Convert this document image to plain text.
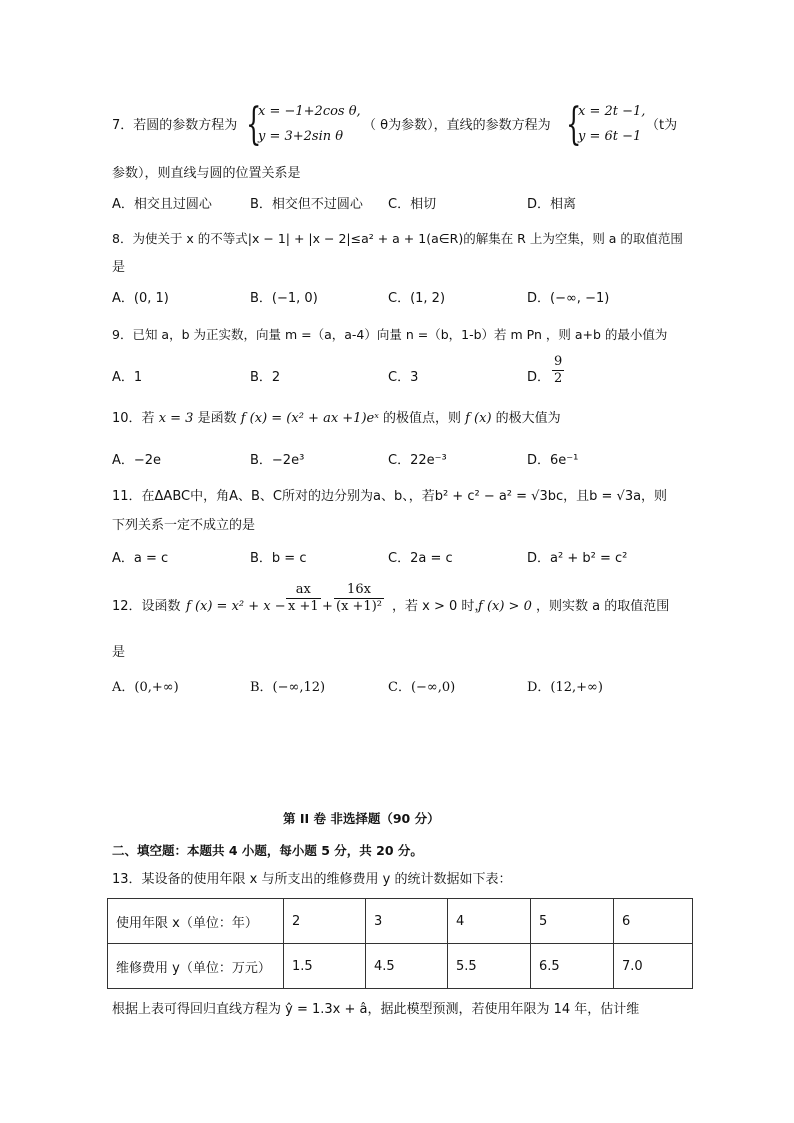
7．若圆的参数方程为 {
x = −1+2cos θ,
y = 3+2sin θ
（ θ为参数），直线的参数方程为 {
x = 2t −1,
y = 6t −1
（t为
参数），则直线与圆的位置关系是
A．相交且过圆心	B．相交但不过圆心 C．相切	D．相离
8．为使关于 x 的不等式|x − 1| + |x − 2|≤a² + a + 1(a∈R)的解集在 R 上为空集，则 a 的取值范围
是
A．(0, 1)	B．(−1, 0)	C．(1, 2)	D．(−∞, −1)
9．已知 a，b 为正实数，向量 m =（a，a-4）向量 n =（b，1-b）若 m Pn ，则 a+b 的最小值为
A．1	B．2	C．3	D． $\frac{9}{2}$
10．若 x = 3 是函数 f (x) = (x² + ax +1)eˣ 的极值点，则 f (x) 的极大值为
A．−2e	B．−2e³	C．22e⁻³	D．6e⁻¹
11．在ΔABC中，角A、B、C所对的边分别为a、b、，若b² + c² − a² = √3bc，且b = √3a，则
下列关系一定不成立的是
A．a = c	B．b = c	C．2a = c	D．a² + b² = c²
12．设函数 f $(x) = x^2 + x - \frac{ax}{x +1} + \frac{16x}{\text{(x +1)²}}$ ，若 x > 0 时，
f (x) > 0 ，则实数 a 的取值范围
是
A．(0,+∞)	B．(−∞,12)	C．(−∞,0)	D．(12,+∞)
第 II 卷 非选择题（90 分）
二、填空题：本题共 4 小题，每小题 5 分，共 20 分。
13．某设备的使用年限 x 与所支出的维修费用 y 的统计数据如下表：
使用年限 x（单位：年）	2	3	4	5	6
维修费用 y（单位：万元）	1.5	4.5	5.5	6.5	7.0
根据上表可得回归直线方程为 ŷ = 1.3x + â，据此模型预测，若使用年限为 14 年，估计维
